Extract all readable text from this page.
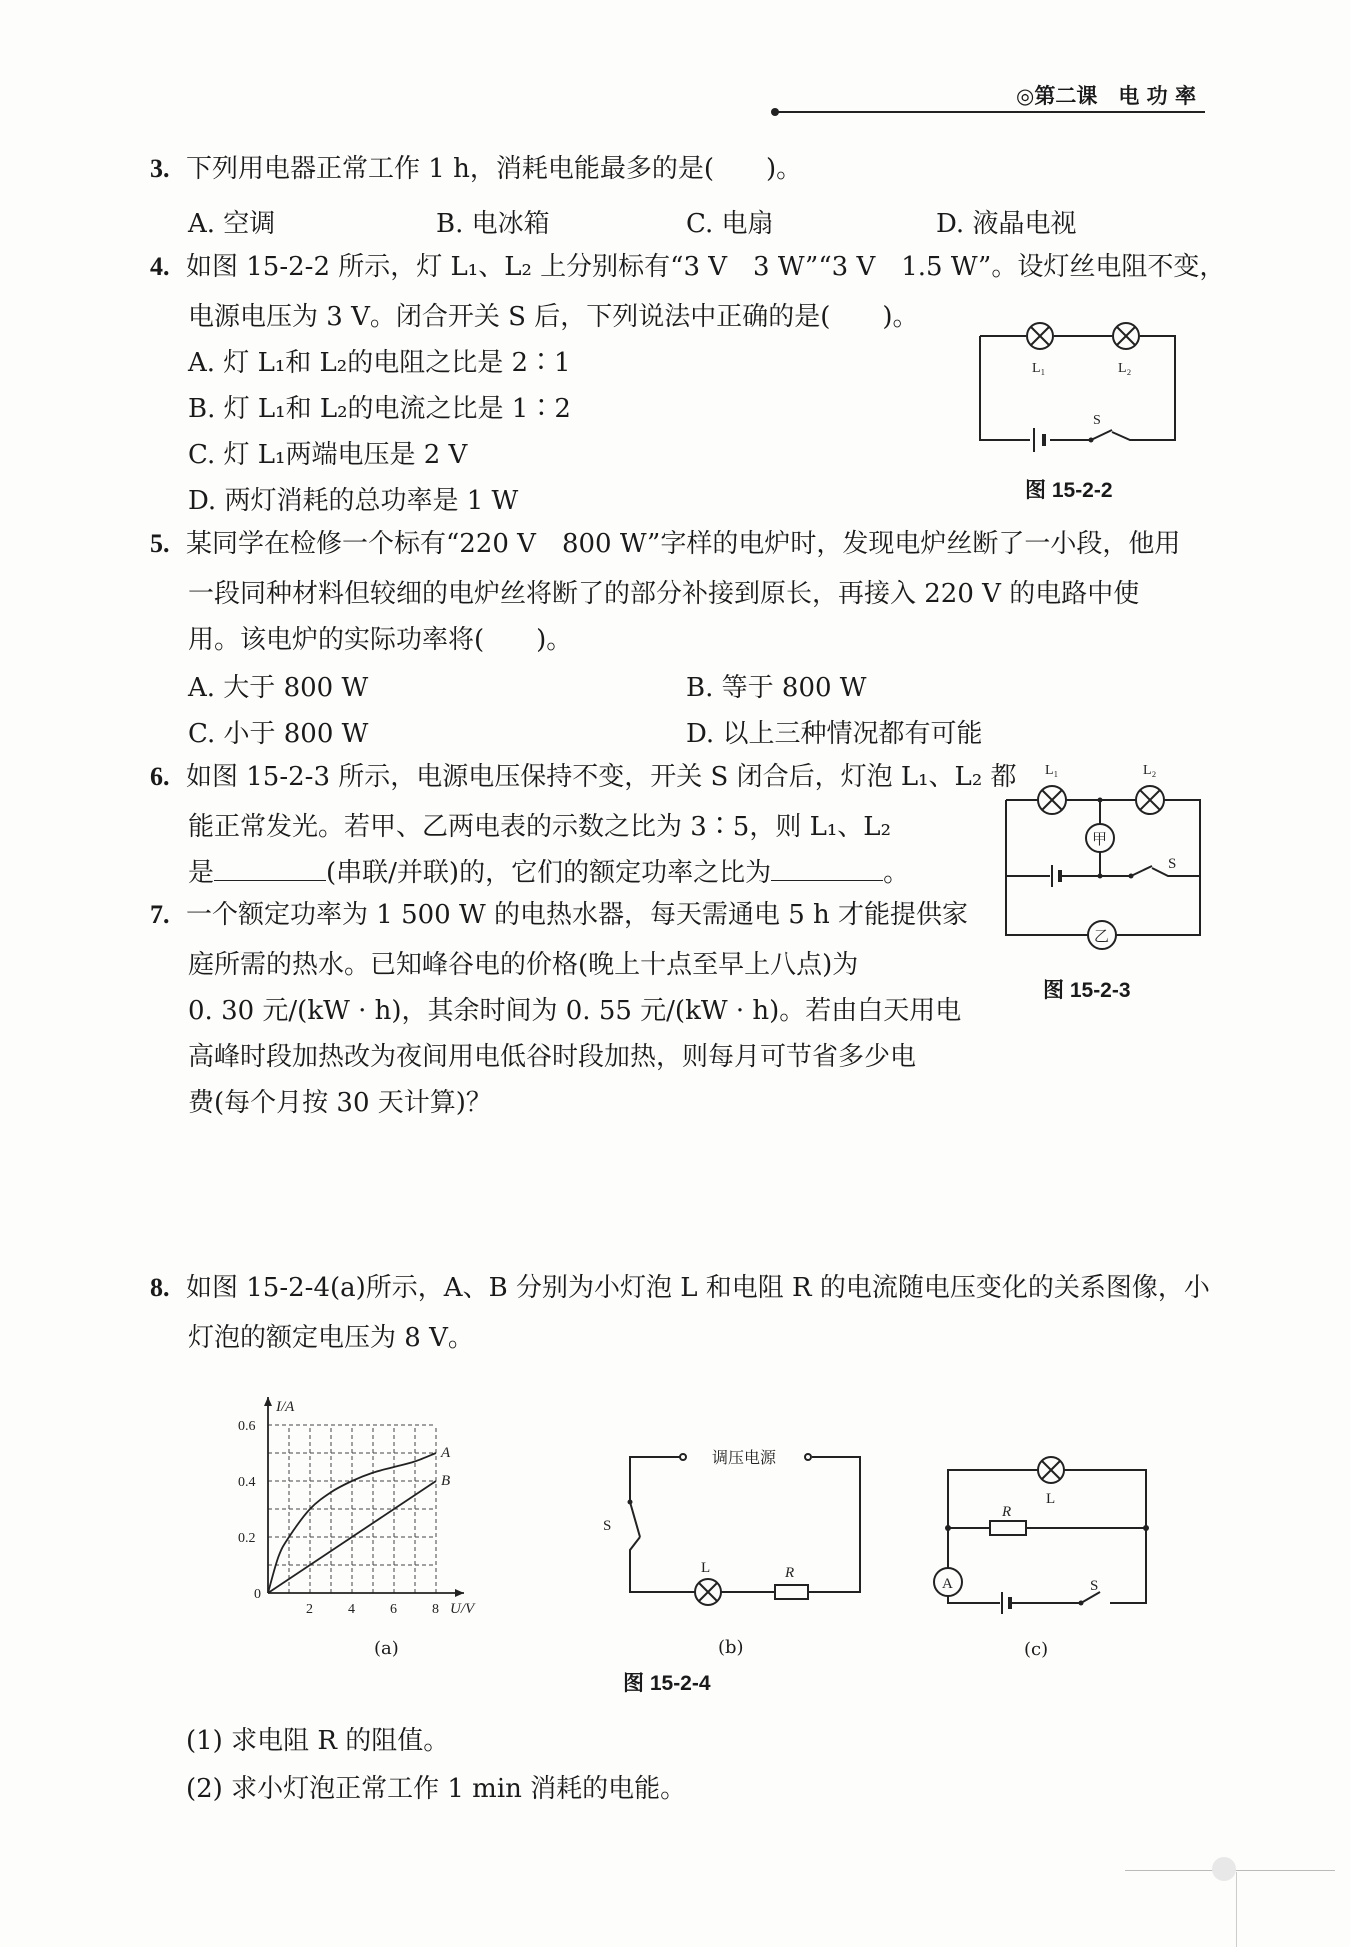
◎第二课　电 功 率
3. 下列用电器正常工作 1 h，消耗电能最多的是(　　)。
A. 空调	B. 电冰箱	C. 电扇	D. 液晶电视
4. 如图 15-2-2 所示，灯 L₁、L₂ 上分别标有“3 V　3 W”“3 V　1.5 W”。设灯丝电阻不变，
电源电压为 3 V。闭合开关 S 后，下列说法中正确的是(　　)。
A. 灯 L₁和 L₂的电阻之比是 2∶1
B. 灯 L₁和 L₂的电流之比是 1∶2
C. 灯 L₁两端电压是 2 V
D. 两灯消耗的总功率是 1 W
L₁	L₂
S
图 15-2-2
5. 某同学在检修一个标有“220 V　800 W”字样的电炉时，发现电炉丝断了一小段，他用
一段同种材料但较细的电炉丝将断了的部分补接到原长，再接入 220 V 的电路中使
用。该电炉的实际功率将(　　)。
A. 大于 800 W	B. 等于 800 W
C. 小于 800 W	D. 以上三种情况都有可能
6. 如图 15-2-3 所示，电源电压保持不变，开关 S 闭合后，灯泡 L₁、L₂ 都
能正常发光。若甲、乙两电表的示数之比为 3∶5，则 L₁、L₂
是	(串联/并联)的，它们的额定功率之比为	。
L₁	L₂
S
甲
乙
图 15-2-3
7. 一个额定功率为 1 500 W 的电热水器，每天需通电 5 h 才能提供家
庭所需的热水。已知峰谷电的价格(晚上十点至早上八点)为
0. 30 元/(kW · h)，其余时间为 0. 55 元/(kW · h)。若由白天用电
高峰时段加热改为夜间用电低谷时段加热，则每月可节省多少电
费(每个月按 30 天计算)？
8. 如图 15-2-4(a)所示，A、B 分别为小灯泡 L 和电阻 R 的电流随电压变化的关系图像，小
灯泡的额定电压为 8 V。
U/V
I/A
0
2	4	6	8
0.2
0.4
0.6
A
B
(a)
调压电源
S
L	R
(b)
L
R
A	S
(c)
图 15-2-4
(1) 求电阻 R 的阻值。
(2) 求小灯泡正常工作 1 min 消耗的电能。
